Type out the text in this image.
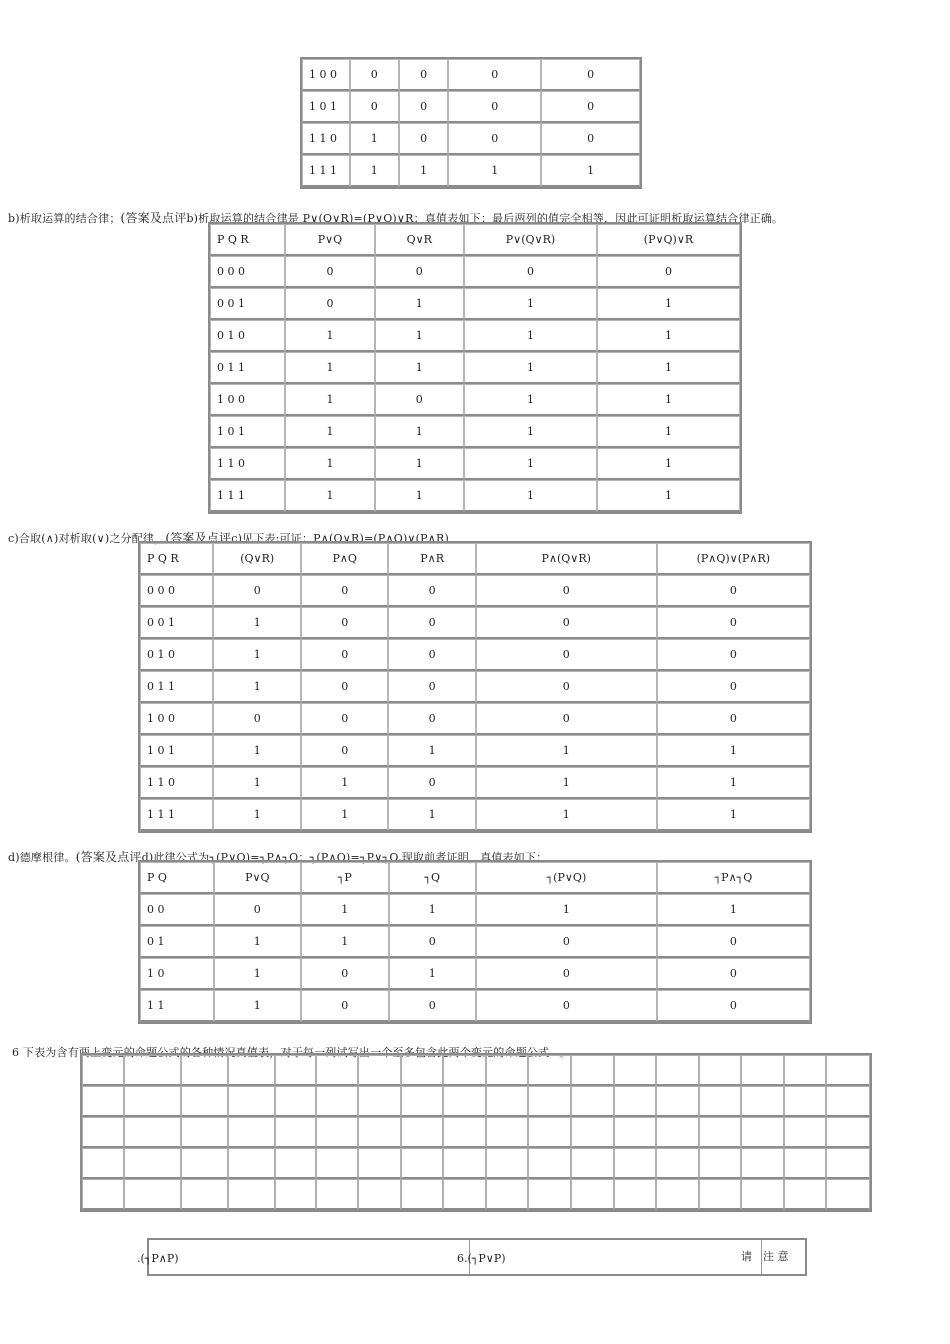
1 0 0	0	0	0	0
1 0 1	0	0	0	0
1 1 0	1	0	0	0
1 1 1	1	1	1	1
b)析取运算的结合律；(答案及点评b)析取运算的结合律是 P∨(Q∨R)=(P∨Q)∨R；真值表如下：最后两列的值完全相等，因此可证明析取运算结合律正确。
P Q R	P∨Q	Q∨R	P∨(Q∨R)	(P∨Q)∨R
0 0 0	0	0	0	0
0 0 1	0	1	1	1
0 1 0	1	1	1	1
0 1 1	1	1	1	1
1 0 0	1	0	1	1
1 0 1	1	1	1	1
1 1 0	1	1	1	1
1 1 1	1	1	1	1
c)合取(∧)对析取(∨)之分配律，(答案及点评c)见下表:可证：P∧(Q∨R)=(P∧Q)∨(P∧R)
P Q R	(Q∨R)	P∧Q	P∧R	P∧(Q∨R)	(P∧Q)∨(P∧R)
0 0 0	0	0	0	0	0
0 0 1	1	0	0	0	0
0 1 0	1	0	0	0	0
0 1 1	1	0	0	0	0
1 0 0	0	0	0	0	0
1 0 1	1	0	1	1	1
1 1 0	1	1	0	1	1
1 1 1	1	1	1	1	1
d)德摩根律。(答案及点评d)此律公式为┐(P∨Q)=┐P∧┐Q；┐(P∧Q)=┐P∨┐Q,现取前者证明，真值表如下：
P Q	P∨Q	┐P	┐Q	┐(P∨Q)	┐P∧┐Q
0 0	0	1	1	1	1
0 1	1	1	0	0	0
1 0	1	0	1	0	0
1 1	1	0	0	0	0
6 下表为含有两上变元的命题公式的各种情况真值表，对于每一列试写出一个至多包含此两个变元的命题公式 。

.(┐P∧P)	6.(┐P∨P)	请 注 意
